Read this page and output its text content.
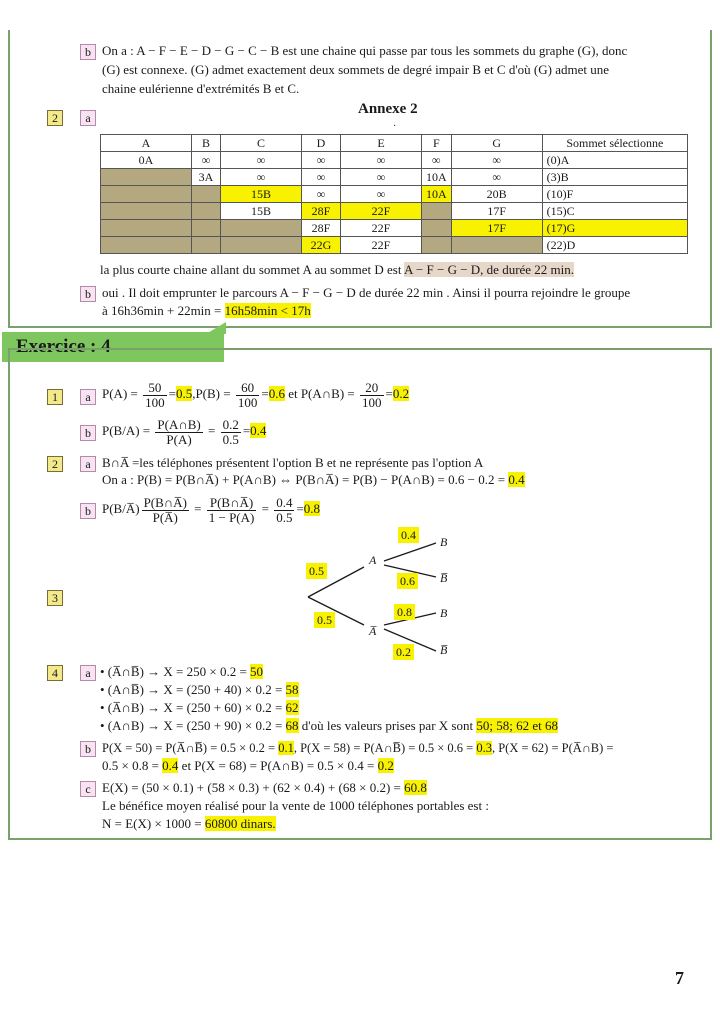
b On a : A − F − E − D − G − C − B est une chaine qui passe par tous les sommets du graphe (G), donc
(G) est connexe. (G) admet exactement deux sommets de degré impair B et C d'où (G) admet une
chaine eulérienne d'extrémités B et C.
2	a
Annexe 2
·
A	B	C	D	E	F	G	Sommet sélectionne
0A	∞	∞	∞	∞	∞	∞	(0)A
	3A	∞	∞	∞	10A	∞	(3)B
		15B	∞	∞	10A	20B	(10)F
		15B	28F	22F		17F	(15)C
			28F	22F		17F	(17)G
			22G	22F			(22)D
la plus courte chaine allant du sommet A au sommet D est A − F − G − D, de durée 22 min.
b oui . Il doit emprunter le parcours A − F − G − D de durée 22 min . Ainsi il pourra rejoindre le groupe
à 16h36min + 22min = 16h58min < 17h
Exercice : 4
1	a $P(A) = \frac{50}{100} =0.5,P(B) = \frac{60}{100} =0.6$ et P(A∩B) = $\frac{20}{100} =0.2$
b $P(B/A) = \frac{P(A\cap B)}{P(A)} = \frac{0.2}{0.5} =0.4$
2	a B∩A̅ =les téléphones présentent l'option B et ne représente pas l'option A
On a : P(B) = P(B∩A̅) + P(A∩B) ⇔ P(B∩A̅) = P(B) − P(A∩B) = 0.6 − 0.2 = 0.4
b P(B/A̅) $\frac{P(B\cap A̅)}{P(A̅)} = \frac{P(B\cap A̅)}{1 - P(A)} = \frac{0.4}{0.5} =0.8$
3
0.5
0.5
0.4
0.6
0.8
0.2
A
A̅
B
B̅
B
B̅
4	a • (A̅∩B̅) → X = 250 × 0.2 = 50
• (A∩B̅) → X = (250 + 40) × 0.2 = 58
• (A̅∩B) → X = (250 + 60) × 0.2 = 62
• (A∩B) → X = (250 + 90) × 0.2 = 68 d'où les valeurs prises par X sont 50; 58; 62 et 68
b P(X = 50) = P(A̅∩B̅) = 0.5 × 0.2 = 0.1, P(X = 58) = P(A∩B̅) = 0.5 × 0.6 = 0.3, P(X = 62) = P(A̅∩B) =
0.5 × 0.8 = 0.4 et P(X = 68) = P(A∩B) = 0.5 × 0.4 = 0.2
c E(X) = (50 × 0.1) + (58 × 0.3) + (62 × 0.4) + (68 × 0.2) = 60.8
Le bénéfice moyen réalisé pour la vente de 1000 téléphones portables est :
N = E(X) × 1000 = 60800 dinars.
7
